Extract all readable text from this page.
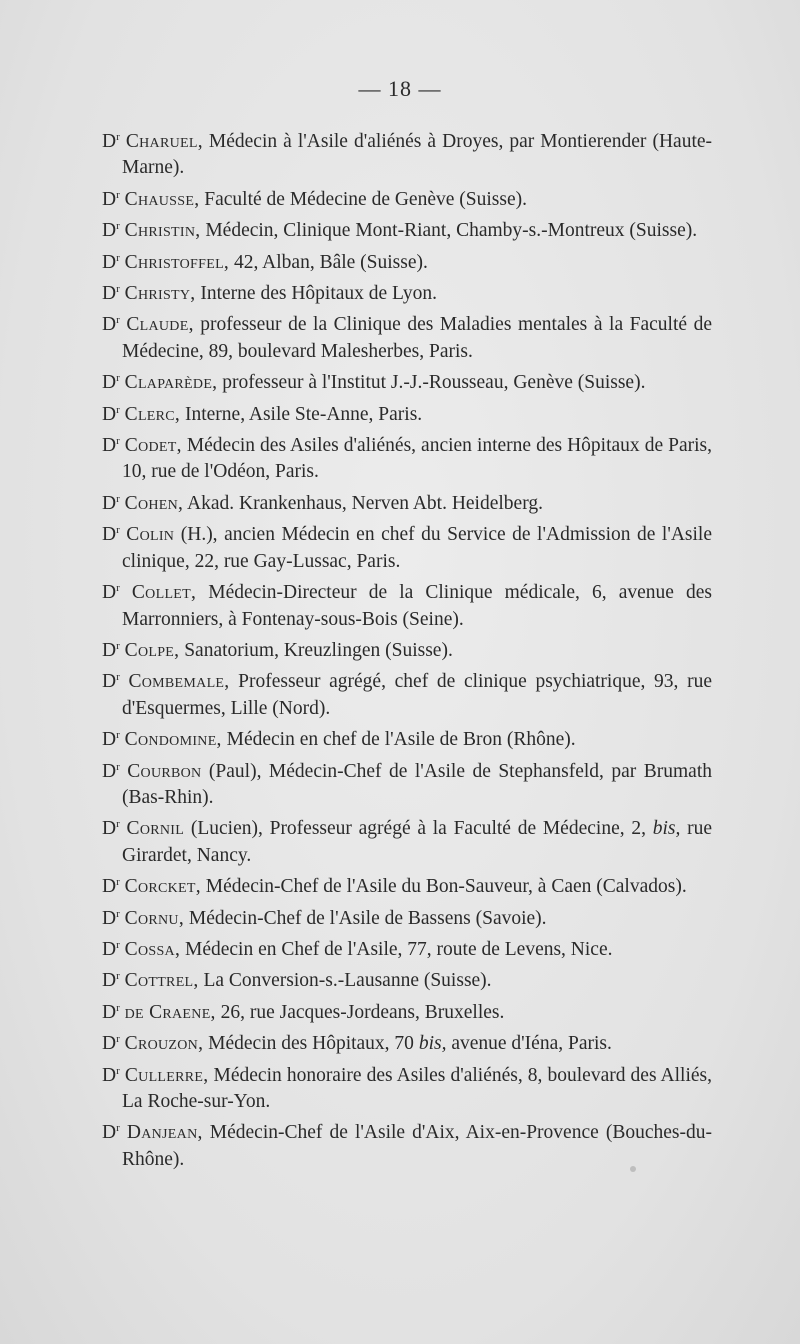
— 18 —
$D^r$ Charuel, Médecin à l'Asile d'aliénés à Droyes, par Montierender (Haute-Marne).
$D^r$ Chausse, Faculté de Médecine de Genève (Suisse).
$D^r$ Christin, Médecin, Clinique Mont-Riant, Chamby-s.-Montreux (Suisse).
$D^r$ Christoffel, 42, Alban, Bâle (Suisse).
$D^r$ Christy, Interne des Hôpitaux de Lyon.
$D^r$ Claude, professeur de la Clinique des Maladies mentales à la Faculté de Médecine, 89, boulevard Malesherbes, Paris.
$D^r$ Claparède, professeur à l'Institut J.-J.-Rousseau, Genève (Suisse).
$D^r$ Clerc, Interne, Asile Ste-Anne, Paris.
$D^r$ Codet, Médecin des Asiles d'aliénés, ancien interne des Hôpitaux de Paris, 10, rue de l'Odéon, Paris.
$D^r$ Cohen, Akad. Krankenhaus, Nerven Abt. Heidelberg.
$D^r$ Colin (H.), ancien Médecin en chef du Service de l'Admission de l'Asile clinique, 22, rue Gay-Lussac, Paris.
$D^r$ Collet, Médecin-Directeur de la Clinique médicale, 6, avenue des Marronniers, à Fontenay-sous-Bois (Seine).
$D^r$ Colpe, Sanatorium, Kreuzlingen (Suisse).
$D^r$ Combemale, Professeur agrégé, chef de clinique psychiatrique, 93, rue d'Esquermes, Lille (Nord).
$D^r$ Condomine, Médecin en chef de l'Asile de Bron (Rhône).
$D^r$ Courbon (Paul), Médecin-Chef de l'Asile de Stephansfeld, par Brumath (Bas-Rhin).
$D^r$ Cornil (Lucien), Professeur agrégé à la Faculté de Médecine, 2, bis, rue Girardet, Nancy.
$D^r$ Corcket, Médecin-Chef de l'Asile du Bon-Sauveur, à Caen (Calvados).
$D^r$ Cornu, Médecin-Chef de l'Asile de Bassens (Savoie).
$D^r$ Cossa, Médecin en Chef de l'Asile, 77, route de Levens, Nice.
$D^r$ Cottrel, La Conversion-s.-Lausanne (Suisse).
$D^r$ de Craene, 26, rue Jacques-Jordeans, Bruxelles.
$D^r$ Crouzon, Médecin des Hôpitaux, 70 bis, avenue d'Iéna, Paris.
$D^r$ Cullerre, Médecin honoraire des Asiles d'aliénés, 8, boulevard des Alliés, La Roche-sur-Yon.
$D^r$ Danjean, Médecin-Chef de l'Asile d'Aix, Aix-en-Provence (Bouches-du-Rhône).
